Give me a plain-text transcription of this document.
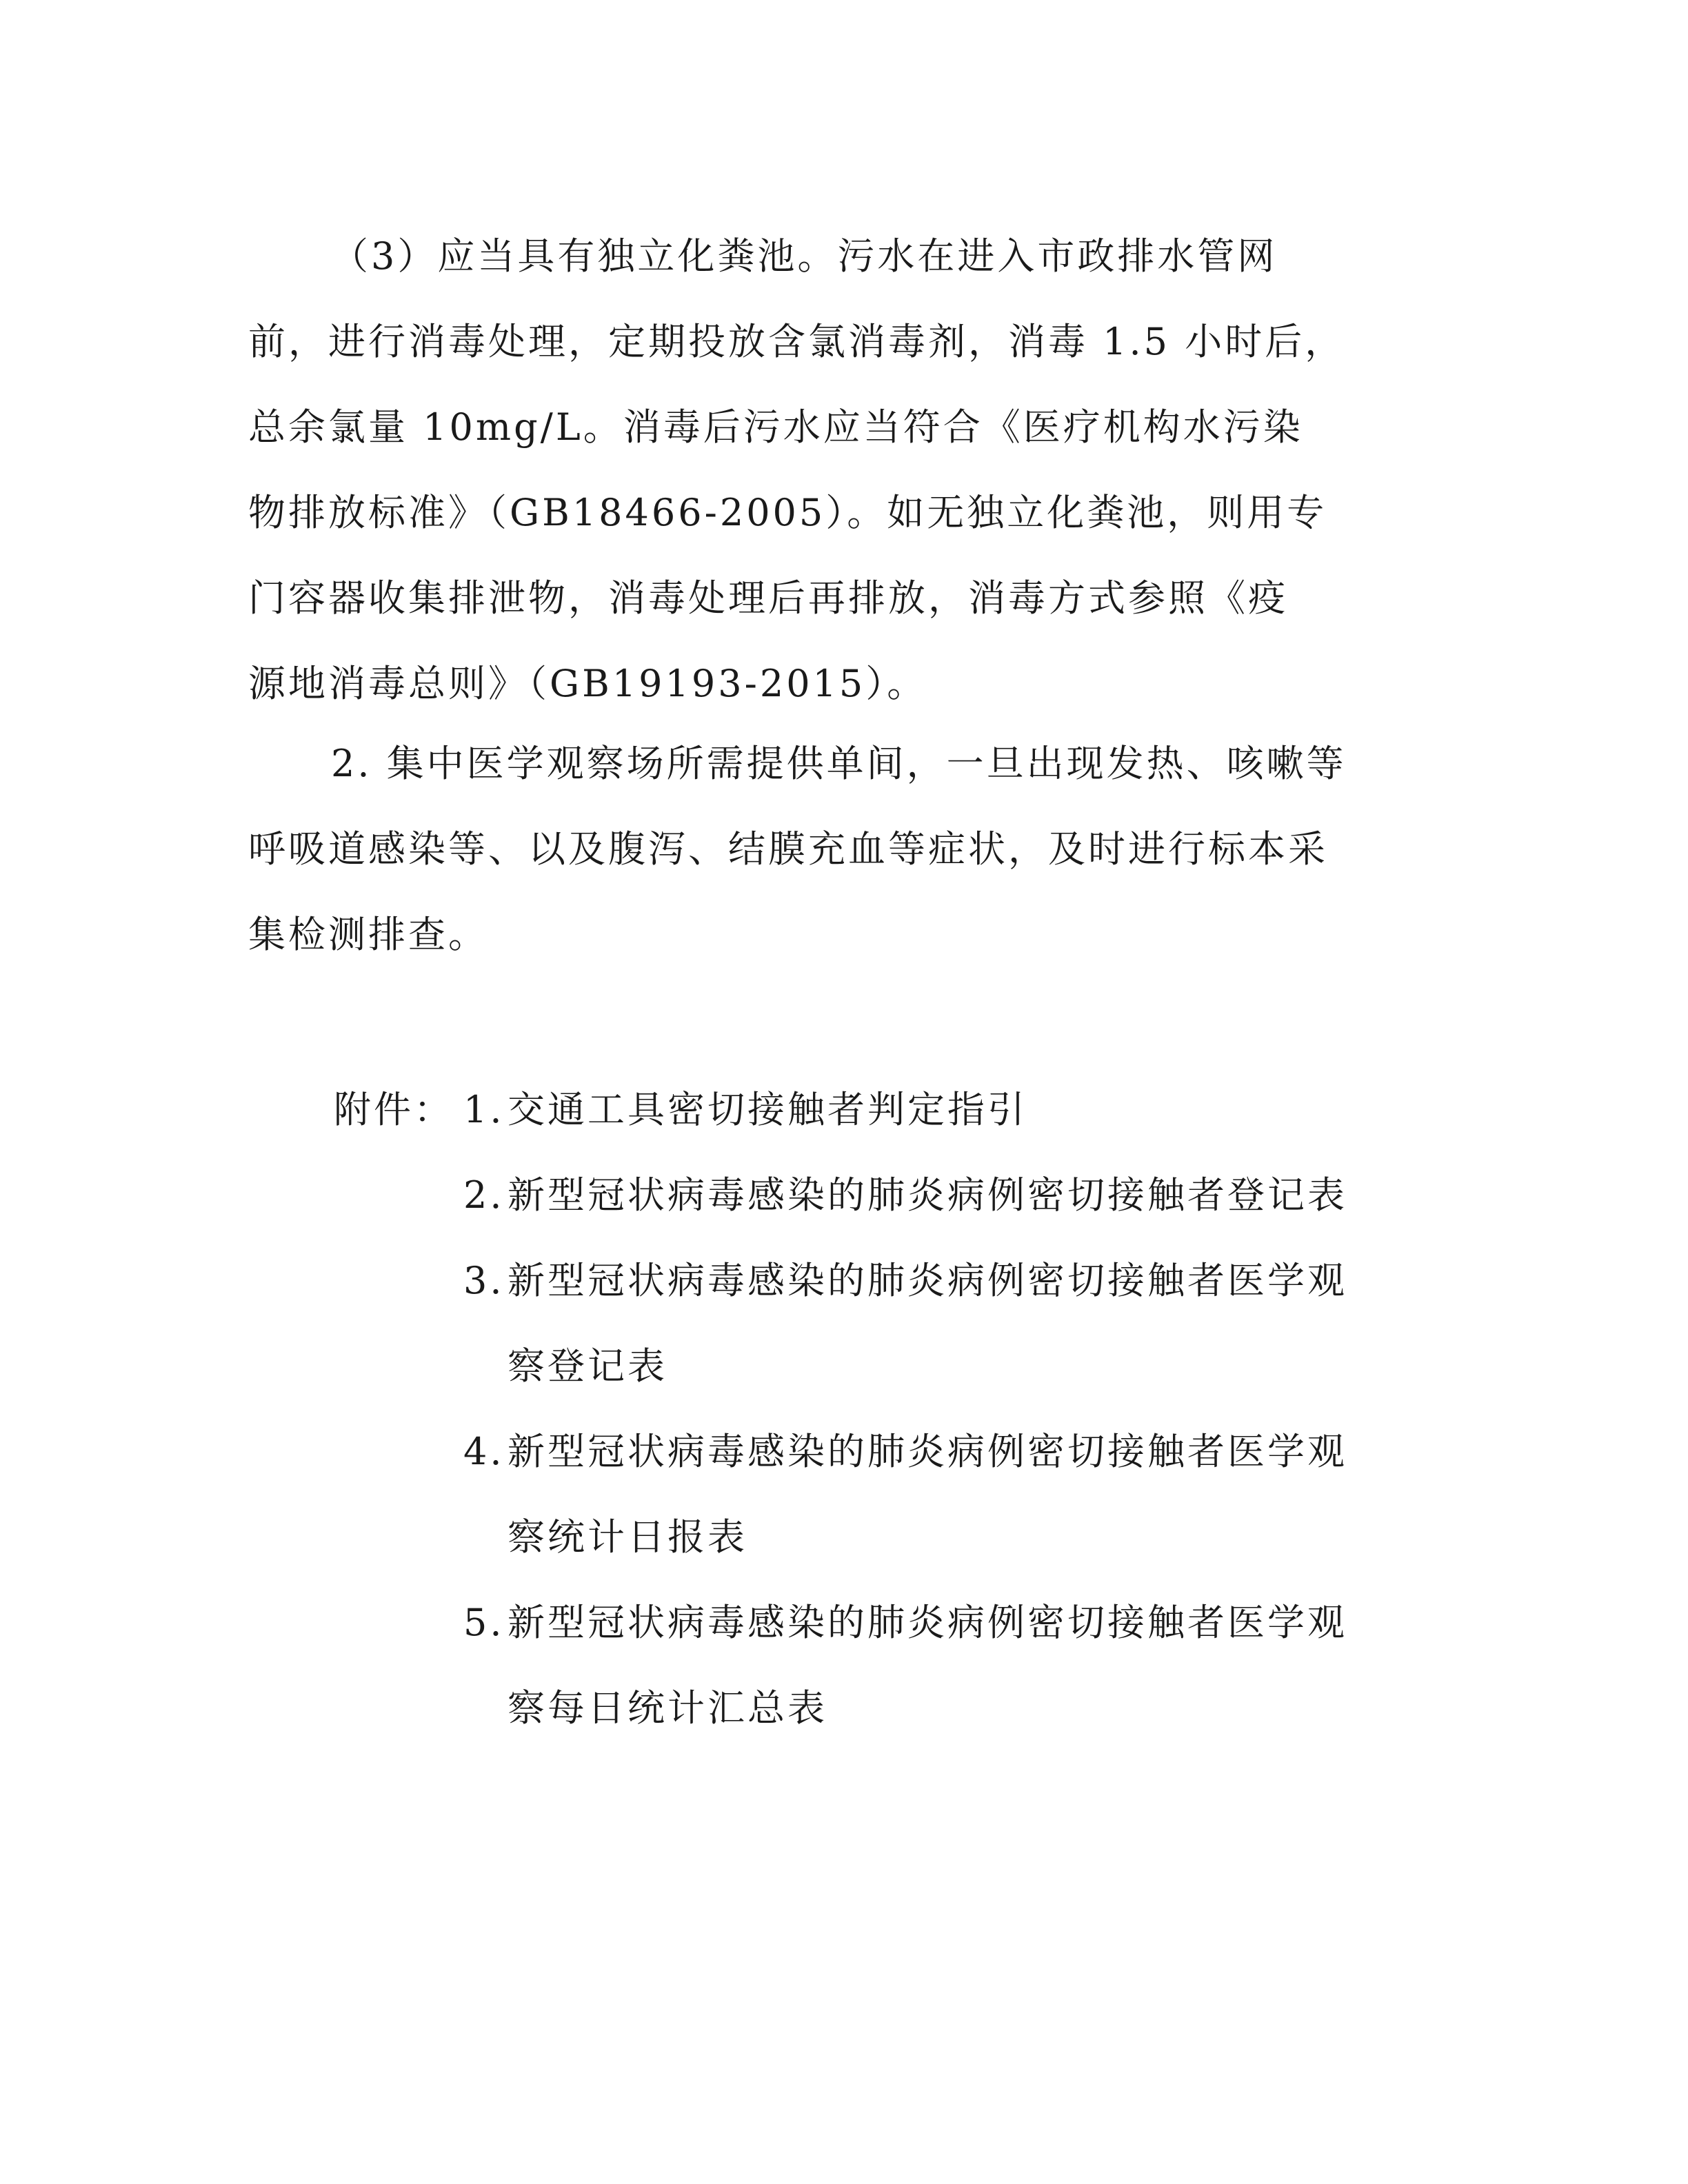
（3）应当具有独立化粪池。污水在进入市政排水管网
前，进行消毒处理，定期投放含氯消毒剂，消毒 1.5 小时后，
总余氯量 10mg/L。消毒后污水应当符合《医疗机构水污染
物排放标准》（GB18466-2005）。如无独立化粪池，则用专
门容器收集排泄物，消毒处理后再排放，消毒方式参照《疫
源地消毒总则》（GB19193-2015）。
2. 集中医学观察场所需提供单间，一旦出现发热、咳嗽等
呼吸道感染等、以及腹泻、结膜充血等症状，及时进行标本采
集检测排查。
附件： 1.交通工具密切接触者判定指引
2.新型冠状病毒感染的肺炎病例密切接触者登记表
3.新型冠状病毒感染的肺炎病例密切接触者医学观
察登记表
4.新型冠状病毒感染的肺炎病例密切接触者医学观
察统计日报表
5.新型冠状病毒感染的肺炎病例密切接触者医学观
察每日统计汇总表
